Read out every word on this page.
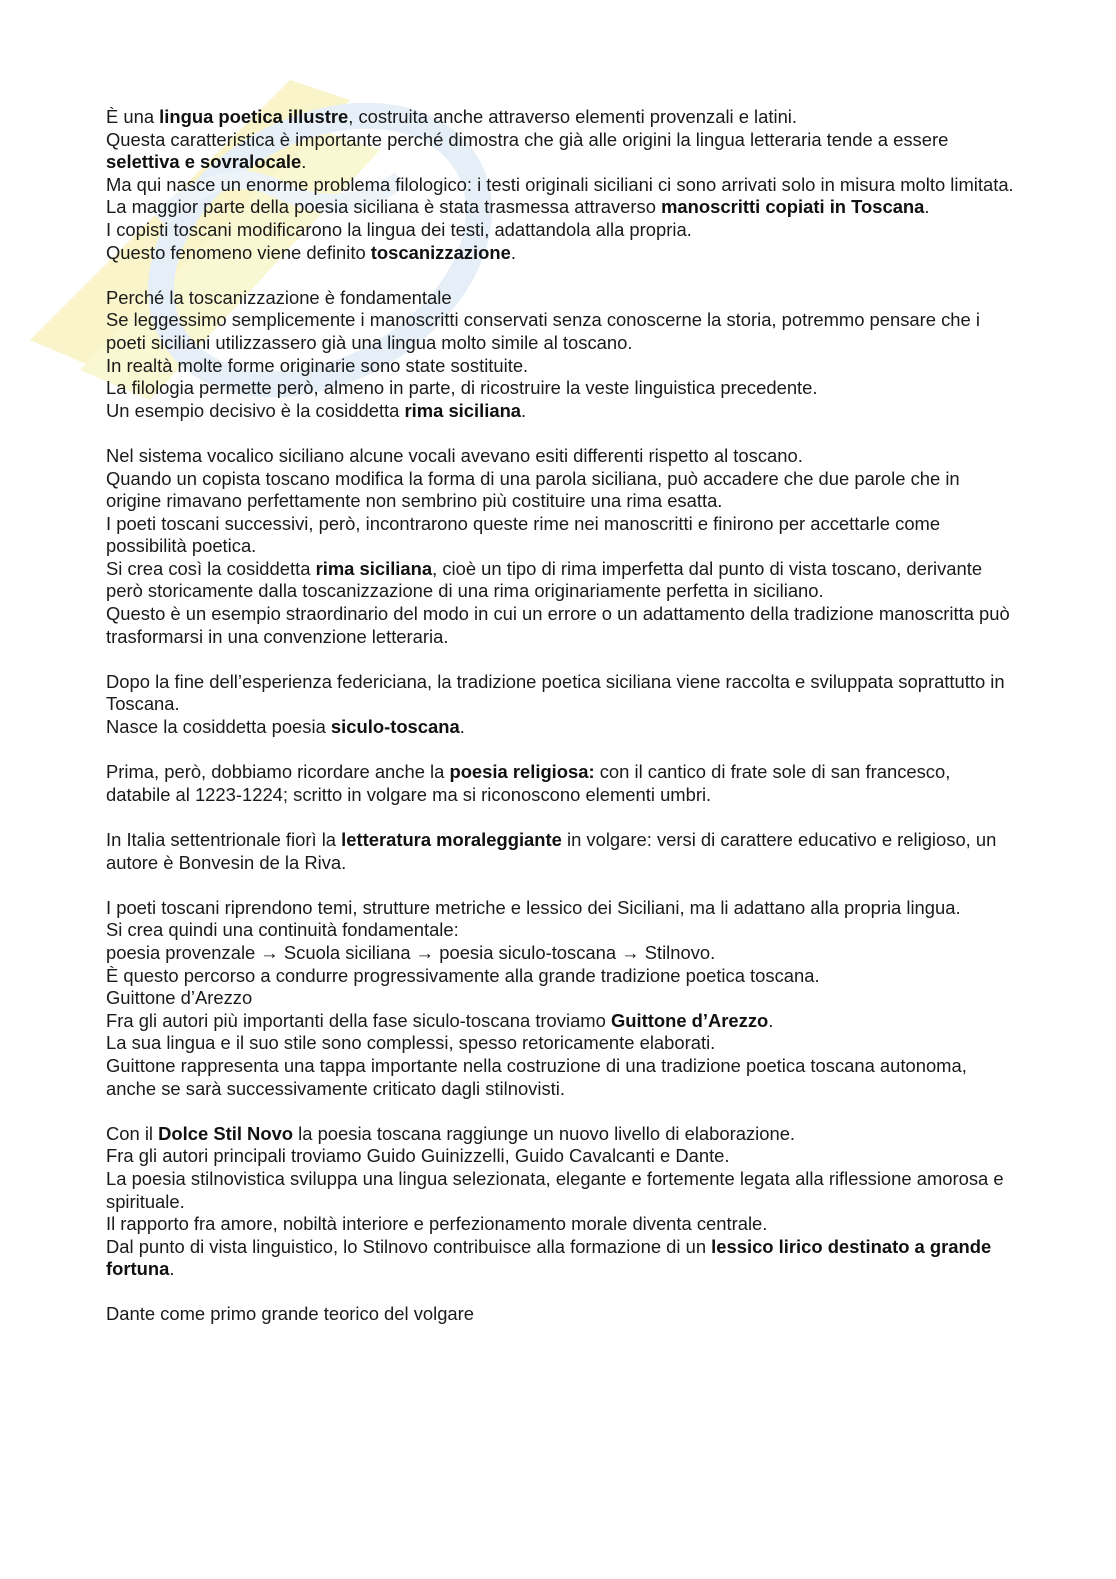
È una lingua poetica illustre, costruita anche attraverso elementi provenzali e latini.

Questa caratteristica è importante perché dimostra che già alle origini la lingua letteraria tende a essere selettiva e sovralocale.

Ma qui nasce un enorme problema filologico: i testi originali siciliani ci sono arrivati solo in misura molto limitata.

La maggior parte della poesia siciliana è stata trasmessa attraverso manoscritti copiati in Toscana.

I copisti toscani modificarono la lingua dei testi, adattandola alla propria.

Questo fenomeno viene definito toscanizzazione.

Perché la toscanizzazione è fondamentale

Se leggessimo semplicemente i manoscritti conservati senza conoscerne la storia, potremmo pensare che i poeti siciliani utilizzassero già una lingua molto simile al toscano.

In realtà molte forme originarie sono state sostituite.

La filologia permette però, almeno in parte, di ricostruire la veste linguistica precedente.

Un esempio decisivo è la cosiddetta rima siciliana.

Nel sistema vocalico siciliano alcune vocali avevano esiti differenti rispetto al toscano.

Quando un copista toscano modifica la forma di una parola siciliana, può accadere che due parole che in origine rimavano perfettamente non sembrino più costituire una rima esatta.

I poeti toscani successivi, però, incontrarono queste rime nei manoscritti e finirono per accettarle come possibilità poetica.

Si crea così la cosiddetta rima siciliana, cioè un tipo di rima imperfetta dal punto di vista toscano, derivante però storicamente dalla toscanizzazione di una rima originariamente perfetta in siciliano.

Questo è un esempio straordinario del modo in cui un errore o un adattamento della tradizione manoscritta può trasformarsi in una convenzione letteraria.

Dopo la fine dell’esperienza federiciana, la tradizione poetica siciliana viene raccolta e sviluppata soprattutto in Toscana.

Nasce la cosiddetta poesia siculo-toscana.

Prima, però, dobbiamo ricordare anche la poesia religiosa: con il cantico di frate sole di san francesco, databile al 1223-1224; scritto in volgare ma si riconoscono elementi umbri.

In Italia settentrionale fiorì la letteratura moraleggiante in volgare: versi di carattere educativo e religioso, un autore è Bonvesin de la Riva.

I poeti toscani riprendono temi, strutture metriche e lessico dei Siciliani, ma li adattano alla propria lingua.

Si crea quindi una continuità fondamentale:

poesia provenzale → Scuola siciliana → poesia siculo-toscana → Stilnovo.

È questo percorso a condurre progressivamente alla grande tradizione poetica toscana.

Guittone d’Arezzo

Fra gli autori più importanti della fase siculo-toscana troviamo Guittone d’Arezzo.

La sua lingua e il suo stile sono complessi, spesso retoricamente elaborati.

Guittone rappresenta una tappa importante nella costruzione di una tradizione poetica toscana autonoma, anche se sarà successivamente criticato dagli stilnovisti.

Con il Dolce Stil Novo la poesia toscana raggiunge un nuovo livello di elaborazione.

Fra gli autori principali troviamo Guido Guinizzelli, Guido Cavalcanti e Dante.

La poesia stilnovistica sviluppa una lingua selezionata, elegante e fortemente legata alla riflessione amorosa e spirituale.

Il rapporto fra amore, nobiltà interiore e perfezionamento morale diventa centrale.

Dal punto di vista linguistico, lo Stilnovo contribuisce alla formazione di un lessico lirico destinato a grande fortuna.

Dante come primo grande teorico del volgare
